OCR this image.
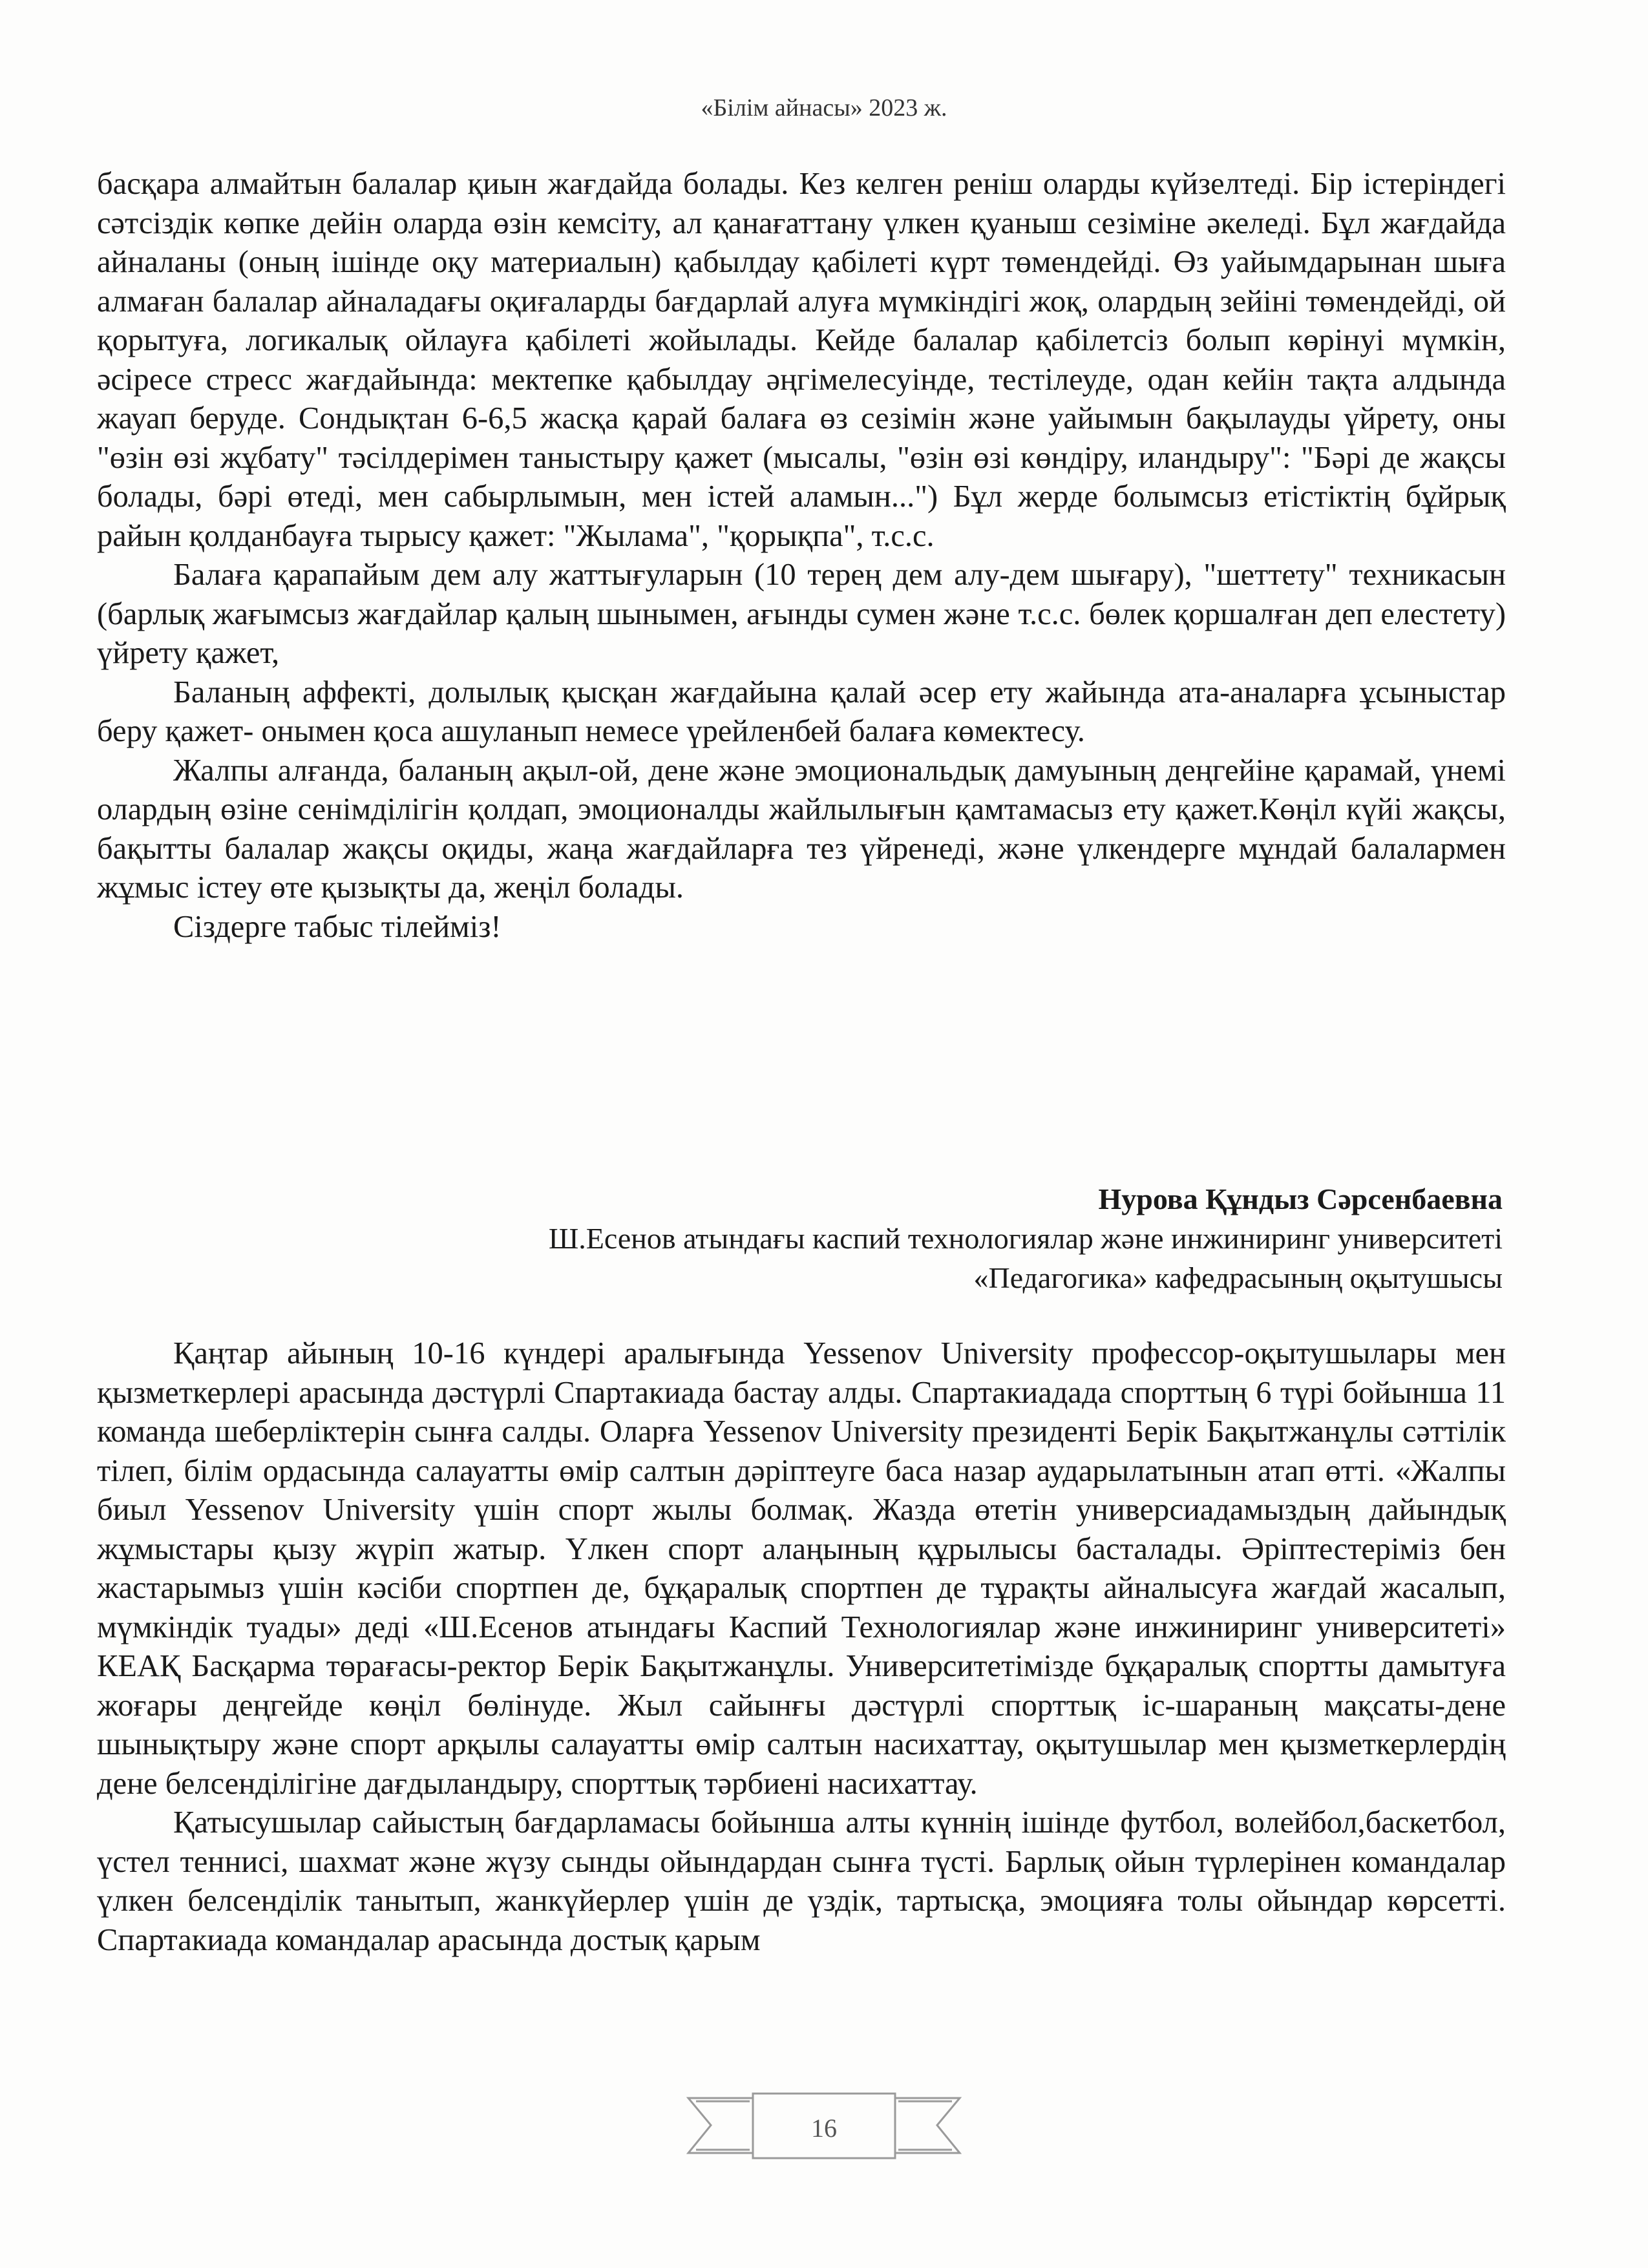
«Білім айнасы» 2023 ж.

басқара алмайтын балалар қиын жағдайда болады. Кез келген реніш оларды күйзелтеді. Бір істеріндегі сәтсіздік көпке дейін оларда өзін кемсіту, ал қанағаттану үлкен қуаныш сезіміне әкеледі. Бұл жағдайда айналаны (оның ішінде оқу материалын) қабылдау қабілеті күрт төмендейді. Өз уайымдарынан шыға алмаған балалар айналадағы оқиғаларды бағдарлай алуға мүмкіндігі жоқ, олардың зейіні төмендейді, ой қорытуға, логикалық ойлауға қабілеті жойылады. Кейде балалар қабілетсіз болып көрінуі мүмкін, әсіресе стресс жағдайында: мектепке қабылдау әңгімелесуінде, тестілеуде, одан кейін тақта алдында жауап беруде. Сондықтан 6-6,5 жасқа қарай балаға өз сезімін және уайымын бақылауды үйрету, оны "өзін өзі жұбату" тәсілдерімен таныстыру қажет (мысалы, "өзін өзі көндіру, иландыру": "Бәрі де жақсы болады, бәрі өтеді, мен сабырлымын, мен істей аламын...") Бұл жерде болымсыз етістіктің бұйрық райын қолданбауға тырысу қажет: "Жылама", "қорықпа", т.с.с.

Балаға қарапайым дем алу жаттығуларын (10 терең дем алу-дем шығару), "шеттету" техникасын (барлық жағымсыз жағдайлар қалың шынымен, ағынды сумен және т.с.с. бөлек қоршалған деп елестету) үйрету қажет,

Баланың аффекті, долылық қысқан жағдайына қалай әсер ету жайында ата-аналарға ұсыныстар беру қажет- онымен қоса ашуланып немесе үрейленбей балаға көмектесу.

Жалпы алғанда, баланың ақыл-ой, дене және эмоциональдық дамуының деңгейіне қарамай, үнемі олардың өзіне сенімділігін қолдап, эмоционалды жайлылығын қамтамасыз ету қажет.Көңіл күйі жақсы, бақытты балалар жақсы оқиды, жаңа жағдайларға тез үйренеді, және үлкендерге мұндай балалармен жұмыс істеу өте қызықты да, жеңіл болады.

Сіздерге табыс тілейміз!

Нурова Құндыз Сәрсенбаевна
Ш.Есенов атындағы каспий технологиялар және инжиниринг университеті
«Педагогика» кафедрасының оқытушысы

Қаңтар айының 10-16 күндері аралығында Yessenov University профессор-оқытушылары мен қызметкерлері арасында дәстүрлі Спартакиада бастау алды. Спартакиадада спорттың 6 түрі бойынша 11 команда шеберліктерін сынға салды. Оларға Yessenov University президенті Берік Бақытжанұлы сәттілік тілеп, білім ордасында салауатты өмір салтын дәріптеуге баса назар аударылатынын атап өтті. «Жалпы биыл Yessenov University үшін спорт жылы болмақ. Жазда өтетін универсиадамыздың дайындық жұмыстары қызу жүріп жатыр. Үлкен спорт алаңының құрылысы басталады. Әріптестеріміз бен жастарымыз үшін кәсіби спортпен де, бұқаралық спортпен де тұрақты айналысуға жағдай жасалып, мүмкіндік туады» деді «Ш.Есенов атындағы Каспий Технологиялар және инжиниринг университеті» КЕАҚ Басқарма төрағасы-ректор Берік Бақытжанұлы. Университетімізде бұқаралық спортты дамытуға жоғары деңгейде көңіл бөлінуде. Жыл сайынғы дәстүрлі спорттық іс-шараның мақсаты-дене шынықтыру және спорт арқылы салауатты өмір салтын насихаттау, оқытушылар мен қызметкерлердің дене белсенділігіне дағдыландыру, спорттық тәрбиені насихаттау.

Қатысушылар сайыстың бағдарламасы бойынша алты күннің ішінде футбол, волейбол,баскетбол, үстел теннисі, шахмат және жүзу сынды ойындардан сынға түсті. Барлық ойын түрлерінен командалар үлкен белсенділік танытып, жанкүйерлер үшін де үздік, тартысқа, эмоцияға толы ойындар көрсетті. Спартакиада командалар арасында достық қарым

16
